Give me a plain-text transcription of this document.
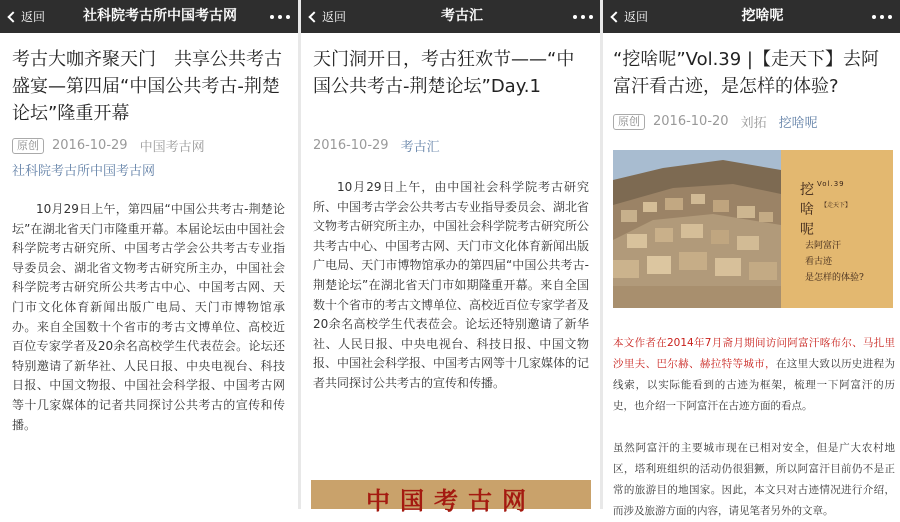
返回	社科院考古所中国考古网
考古大咖齐聚天门　共享公共考古盛宴—第四届“中国公共考古-荆楚论坛”隆重开幕
原创	2016-10-29 中国考古网
社科院考古所中国考古网
10月29日上午，第四届“中国公共考古-荆楚论坛”在湖北省天门市隆重开幕。本届论坛由中国社会科学院考古研究所、中国考古学会公共考古专业指导委员会、湖北省文物考古研究所主办，中国社会科学院考古研究所公共考古中心、中国考古网、天门市文化体育新闻出版广电局、天门市博物馆承办。来自全国数十个省市的考古文博单位、高校近百位专家学者及20余名高校学生代表莅会。论坛还特别邀请了新华社、人民日报、中央电视台、科技日报、中国文物报、中国社会科学报、中国考古网等十几家媒体的记者共同探讨公共考古的宣传和传播。
返回	考古汇
天门洞开日，考古狂欢节——“中国公共考古-荆楚论坛”Day.1
2016-10-29 考古汇
10月29日上午，由中国社会科学院考古研究所、中国考古学会公共考古专业指导委员会、湖北省文物考古研究所主办，中国社会科学院考古研究所公共考古中心、中国考古网、天门市文化体育新闻出版广电局、天门市博物馆承办的第四届“中国公共考古-荆楚论坛”在湖北省天门市如期隆重开幕。来自全国数十个省市的考古文博单位、高校近百位专家学者及20余名高校学生代表莅会。论坛还特别邀请了新华社、人民日报、中央电视台、科技日报、中国文物报、中国社会科学报、中国考古网等十几家媒体的记者共同探讨公共考古的宣传和传播。
中国考古网
返回	挖啥呢
“挖啥呢”Vol.39 |【走天下】去阿富汗看古迹，是怎样的体验?
原创	2016-10-20 刘拓 挖啥呢
挖啥呢
Vol.39
【走天下】
去阿富汗
看古迹
是怎样的体验?
本文作者在2014年7月斋月期间访问阿富汗喀布尔、马扎里沙里夫、巴尔赫、赫拉特等城市，在这里大致以历史进程为线索，以实际能看到的古迹为框架，梳理一下阿富汗的历史，也介绍一下阿富汗在古迹方面的看点。
虽然阿富汗的主要城市现在已相对安全，但是广大农村地区，塔利班组织的活动仍很猖獗，所以阿富汗目前仍不是正常的旅游目的地国家。因此，本文只对古迹情况进行介绍，而涉及旅游方面的内容，请见笔者另外的文章。
